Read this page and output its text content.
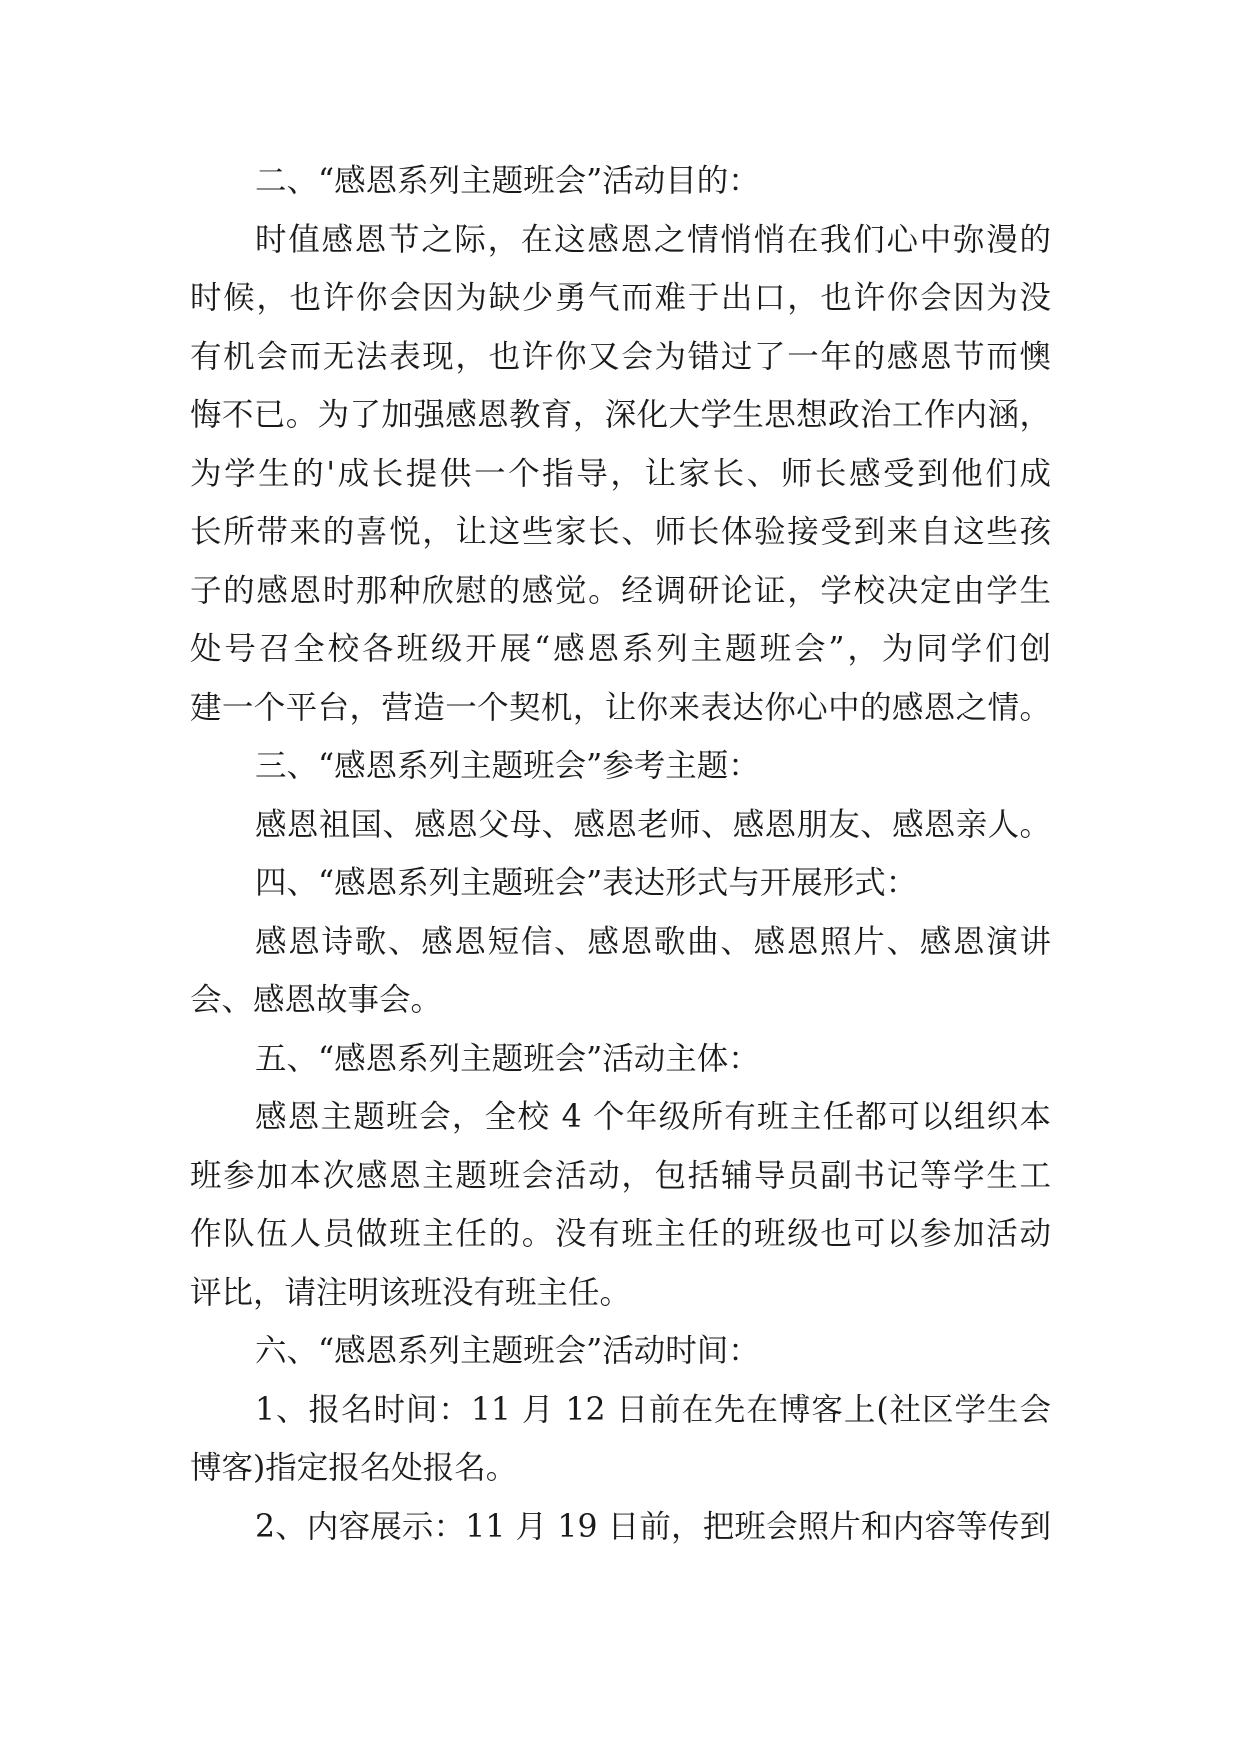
二、“感恩系列主题班会”活动目的：
时值感恩节之际，在这感恩之情悄悄在我们心中弥漫的
时候，也许你会因为缺少勇气而难于出口，也许你会因为没
有机会而无法表现，也许你又会为错过了一年的感恩节而懊
悔不已。为了加强感恩教育，深化大学生思想政治工作内涵，
为学生的'成长提供一个指导，让家长、师长感受到他们成
长所带来的喜悦，让这些家长、师长体验接受到来自这些孩
子的感恩时那种欣慰的感觉。经调研论证，学校决定由学生
处号召全校各班级开展“感恩系列主题班会”，为同学们创
建一个平台，营造一个契机，让你来表达你心中的感恩之情。
三、“感恩系列主题班会”参考主题：
感恩祖国、感恩父母、感恩老师、感恩朋友、感恩亲人。
四、“感恩系列主题班会”表达形式与开展形式：
感恩诗歌、感恩短信、感恩歌曲、感恩照片、感恩演讲
会、感恩故事会。
五、“感恩系列主题班会”活动主体：
感恩主题班会，全校 4 个年级所有班主任都可以组织本
班参加本次感恩主题班会活动，包括辅导员副书记等学生工
作队伍人员做班主任的。没有班主任的班级也可以参加活动
评比，请注明该班没有班主任。
六、“感恩系列主题班会”活动时间：
1、报名时间：11 月 12 日前在先在博客上(社区学生会
博客)指定报名处报名。
2、内容展示：11 月 19 日前，把班会照片和内容等传到
